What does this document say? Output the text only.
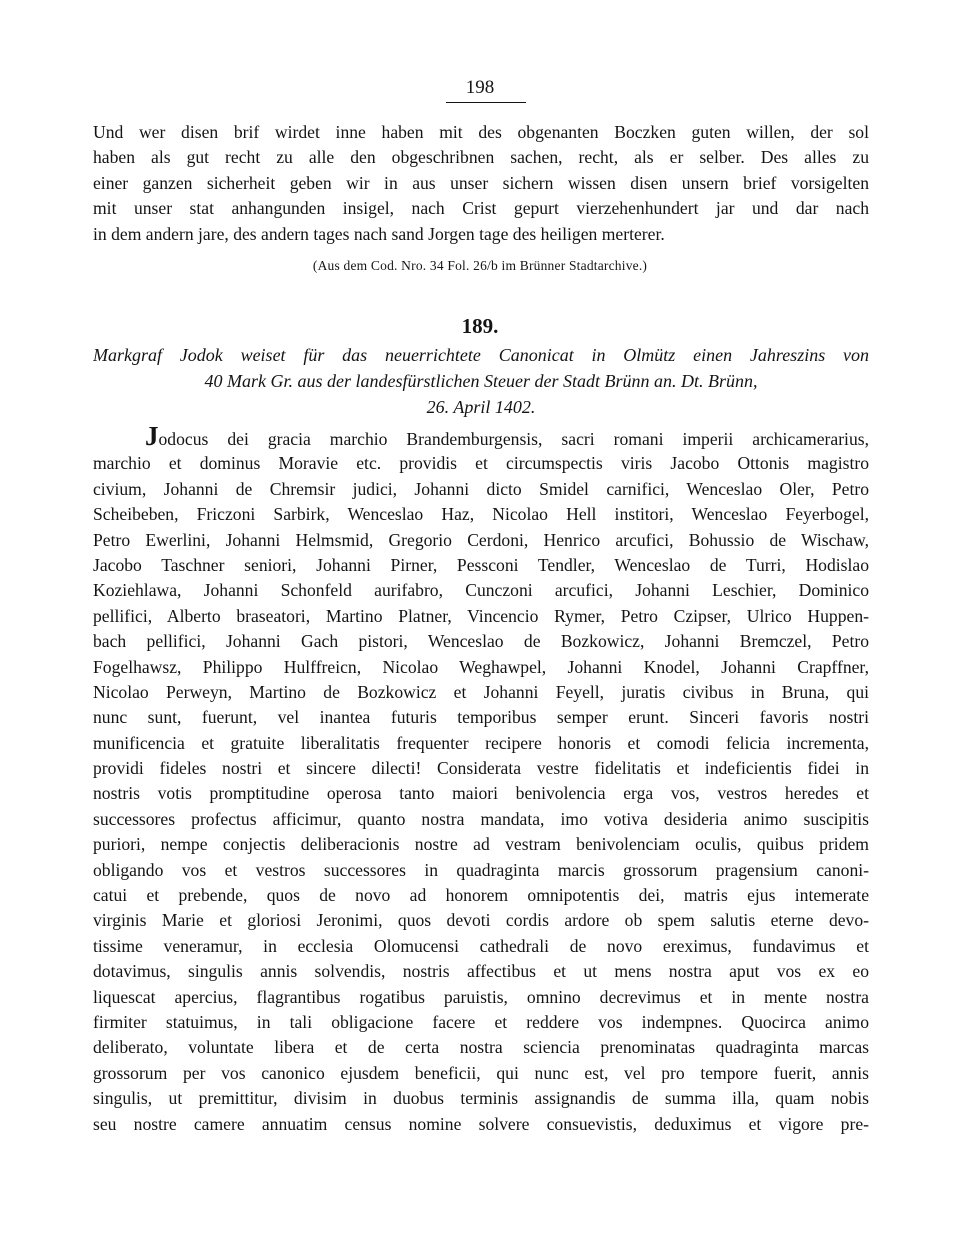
198
Und wer disen brif wirdet inne haben mit des obgenanten Boczken guten willen, der sol
haben als gut recht zu alle den obgeschribnen sachen, recht, als er selber. Des alles zu
einer ganzen sicherheit geben wir in aus unser sichern wissen disen unsern brief vorsigelten
mit unser stat anhangunden insigel, nach Crist gepurt vierzehenhundert jar und dar nach
in dem andern jare, des andern tages nach sand Jorgen tage des heiligen merterer.
(Aus dem Cod. Nro. 34 Fol. 26/b im Brünner Stadtarchive.)
189.
Markgraf Jodok weiset für das neuerrichtete Canonicat in Olmütz einen Jahreszins von
40 Mark Gr. aus der landesfürstlichen Steuer der Stadt Brünn an. Dt. Brünn,
26. April 1402.
Jodocus dei gracia marchio Brandemburgensis, sacri romani imperii archicamerarius,
marchio et dominus Moravie etc. providis et circumspectis viris Jacobo Ottonis magistro
civium, Johanni de Chremsir judici, Johanni dicto Smidel carnifici, Wenceslao Oler, Petro
Scheibeben, Friczoni Sarbirk, Wenceslao Haz, Nicolao Hell institori, Wenceslao Feyerbogel,
Petro Ewerlini, Johanni Helmsmid, Gregorio Cerdoni, Henrico arcufici, Bohussio de Wischaw,
Jacobo Taschner seniori, Johanni Pirner, Pessconi Tendler, Wenceslao de Turri, Hodislao
Koziehlawa, Johanni Schonfeld aurifabro, Cunczoni arcufici, Johanni Leschier, Dominico
pellifici, Alberto braseatori, Martino Platner, Vincencio Rymer, Petro Czipser, Ulrico Huppen-
bach pellifici, Johanni Gach pistori, Wenceslao de Bozkowicz, Johanni Bremczel, Petro
Fogelhawsz, Philippo Hulffreicn, Nicolao Weghawpel, Johanni Knodel, Johanni Crapffner,
Nicolao Perweyn, Martino de Bozkowicz et Johanni Feyell, juratis civibus in Bruna, qui
nunc sunt, fuerunt, vel inantea futuris temporibus semper erunt. Sinceri favoris nostri
munificencia et gratuite liberalitatis frequenter recipere honoris et comodi felicia incrementa,
providi fideles nostri et sincere dilecti! Considerata vestre fidelitatis et indeficientis fidei in
nostris votis promptitudine operosa tanto maiori benivolencia erga vos, vestros heredes et
successores profectus afficimur, quanto nostra mandata, imo votiva desideria animo suscipitis
puriori, nempe conjectis deliberacionis nostre ad vestram benivolenciam oculis, quibus pridem
obligando vos et vestros successores in quadraginta marcis grossorum pragensium canoni-
catui et prebende, quos de novo ad honorem omnipotentis dei, matris ejus intemerate
virginis Marie et gloriosi Jeronimi, quos devoti cordis ardore ob spem salutis eterne devo-
tissime veneramur, in ecclesia Olomucensi cathedrali de novo ereximus, fundavimus et
dotavimus, singulis annis solvendis, nostris affectibus et ut mens nostra aput vos ex eo
liquescat apercius, flagrantibus rogatibus paruistis, omnino decrevimus et in mente nostra
firmiter statuimus, in tali obligacione facere et reddere vos indempnes. Quocirca animo
deliberato, voluntate libera et de certa nostra sciencia prenominatas quadraginta marcas
grossorum per vos canonico ejusdem beneficii, qui nunc est, vel pro tempore fuerit, annis
singulis, ut premittitur, divisim in duobus terminis assignandis de summa illa, quam nobis
seu nostre camere annuatim census nomine solvere consuevistis, deduximus et vigore pre-
